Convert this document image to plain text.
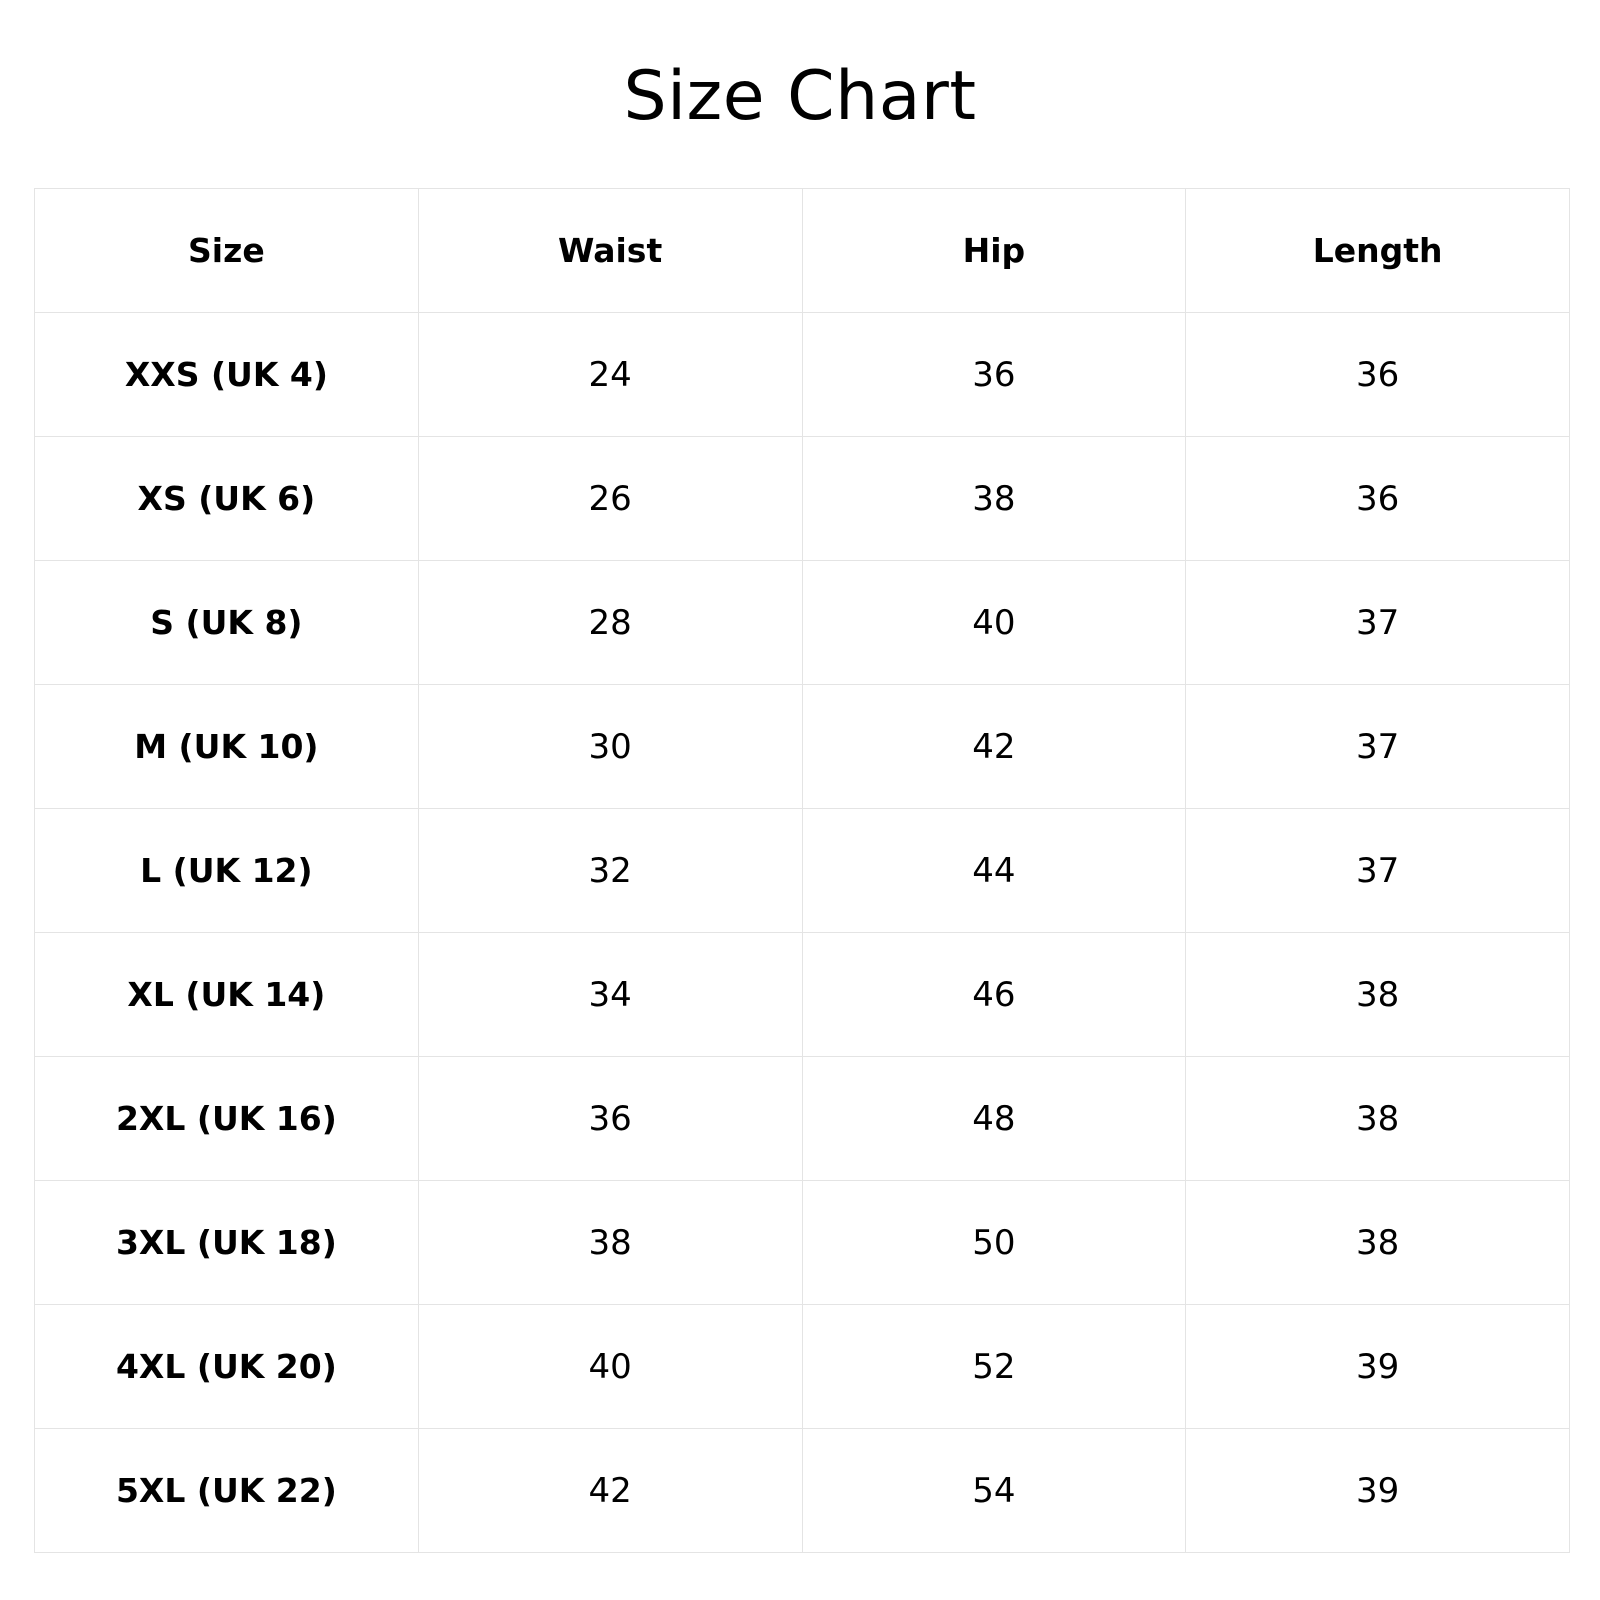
Size Chart
Size	Waist	Hip	Length
XXS (UK 4)	24	36	36
XS (UK 6)	26	38	36
S (UK 8)	28	40	37
M (UK 10)	30	42	37
L (UK 12)	32	44	37
XL (UK 14)	34	46	38
2XL (UK 16)	36	48	38
3XL (UK 18)	38	50	38
4XL (UK 20)	40	52	39
5XL (UK 22)	42	54	39
